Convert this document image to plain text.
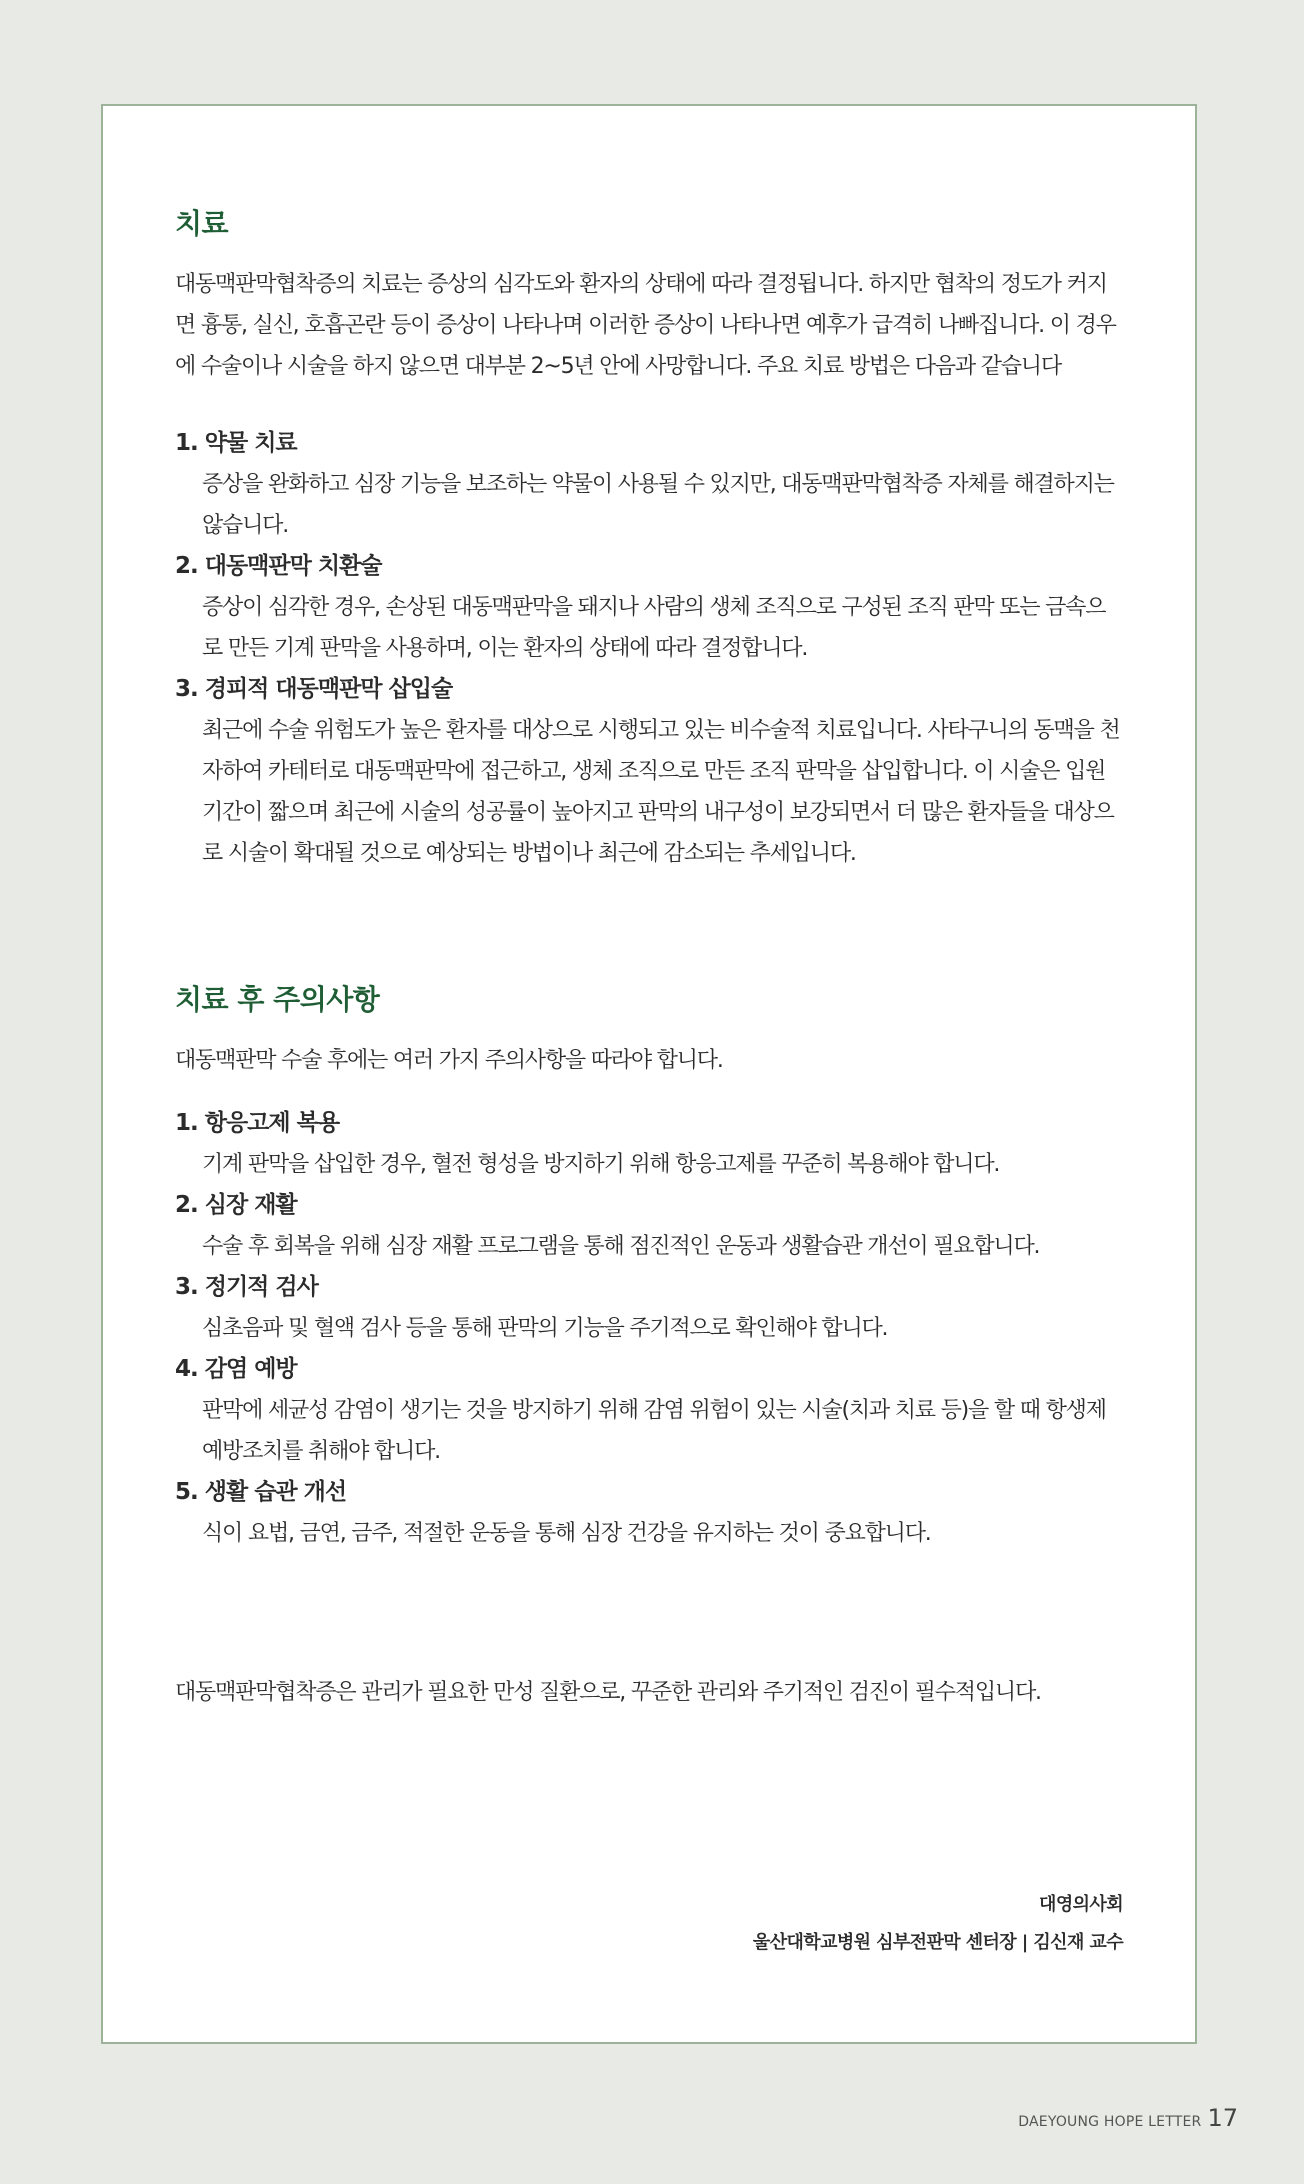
치료

대동맥판막협착증의 치료는 증상의 심각도와 환자의 상태에 따라 결정됩니다. 하지만 협착의 정도가 커지면 흉통, 실신, 호흡곤란 등이 증상이 나타나며 이러한 증상이 나타나면 예후가 급격히 나빠집니다. 이 경우에 수술이나 시술을 하지 않으면 대부분 2~5년 안에 사망합니다. 주요 치료 방법은 다음과 같습니다

1. 약물 치료
증상을 완화하고 심장 기능을 보조하는 약물이 사용될 수 있지만, 대동맥판막협착증 자체를 해결하지는 않습니다.
2. 대동맥판막 치환술
증상이 심각한 경우, 손상된 대동맥판막을 돼지나 사람의 생체 조직으로 구성된 조직 판막 또는 금속으로 만든 기계 판막을 사용하며, 이는 환자의 상태에 따라 결정합니다.
3. 경피적 대동맥판막 삽입술
최근에 수술 위험도가 높은 환자를 대상으로 시행되고 있는 비수술적 치료입니다. 사타구니의 동맥을 천자하여 카테터로 대동맥판막에 접근하고, 생체 조직으로 만든 조직 판막을 삽입합니다. 이 시술은 입원기간이 짧으며 최근에 시술의 성공률이 높아지고 판막의 내구성이 보강되면서 더 많은 환자들을 대상으로 시술이 확대될 것으로 예상되는 방법이나 최근에 감소되는 추세입니다.
치료 후 주의사항

대동맥판막 수술 후에는 여러 가지 주의사항을 따라야 합니다.

1. 항응고제 복용
기계 판막을 삽입한 경우, 혈전 형성을 방지하기 위해 항응고제를 꾸준히 복용해야 합니다.
2. 심장 재활
수술 후 회복을 위해 심장 재활 프로그램을 통해 점진적인 운동과 생활습관 개선이 필요합니다.
3. 정기적 검사
심초음파 및 혈액 검사 등을 통해 판막의 기능을 주기적으로 확인해야 합니다.
4. 감염 예방
판막에 세균성 감염이 생기는 것을 방지하기 위해 감염 위험이 있는 시술(치과 치료 등)을 할 때 항생제 예방조치를 취해야 합니다.
5. 생활 습관 개선
식이 요법, 금연, 금주, 적절한 운동을 통해 심장 건강을 유지하는 것이 중요합니다.

대동맥판막협착증은 관리가 필요한 만성 질환으로, 꾸준한 관리와 주기적인 검진이 필수적입니다.

대영의사회
울산대학교병원 심부전판막 센터장 | 김신재 교수
DAEYOUNG HOPE LETTER 17
